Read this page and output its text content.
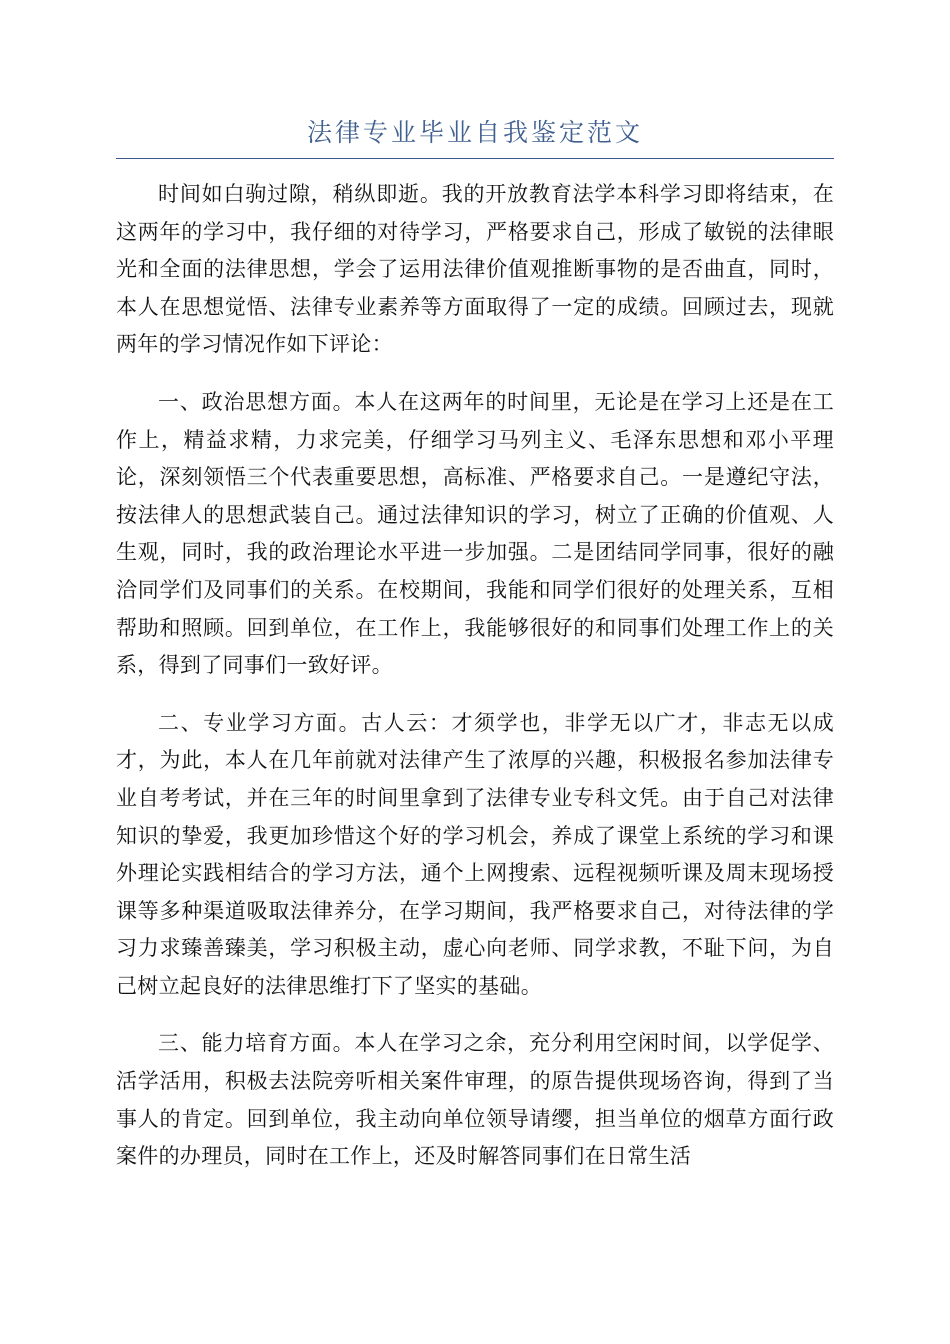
法律专业毕业自我鉴定范文

时间如白驹过隙，稍纵即逝。我的开放教育法学本科学习即将结束，在这两年的学习中，我仔细的对待学习，严格要求自己，形成了敏锐的法律眼光和全面的法律思想，学会了运用法律价值观推断事物的是否曲直，同时，本人在思想觉悟、法律专业素养等方面取得了一定的成绩。回顾过去，现就两年的学习情况作如下评论：

一、政治思想方面。本人在这两年的时间里，无论是在学习上还是在工作上，精益求精，力求完美，仔细学习马列主义、毛泽东思想和邓小平理论，深刻领悟三个代表重要思想，高标准、严格要求自己。一是遵纪守法，按法律人的思想武装自己。通过法律知识的学习，树立了正确的价值观、人生观，同时，我的政治理论水平进一步加强。二是团结同学同事，很好的融洽同学们及同事们的关系。在校期间，我能和同学们很好的处理关系，互相帮助和照顾。回到单位，在工作上，我能够很好的和同事们处理工作上的关系，得到了同事们一致好评。

二、专业学习方面。古人云：才须学也，非学无以广才，非志无以成才，为此，本人在几年前就对法律产生了浓厚的兴趣，积极报名参加法律专业自考考试，并在三年的时间里拿到了法律专业专科文凭。由于自己对法律知识的挚爱，我更加珍惜这个好的学习机会，养成了课堂上系统的学习和课外理论实践相结合的学习方法，通个上网搜索、远程视频听课及周末现场授课等多种渠道吸取法律养分，在学习期间，我严格要求自己，对待法律的学习力求臻善臻美，学习积极主动，虚心向老师、同学求教，不耻下问，为自己树立起良好的法律思维打下了坚实的基础。

三、能力培育方面。本人在学习之余，充分利用空闲时间，以学促学、活学活用，积极去法院旁听相关案件审理，的原告提供现场咨询，得到了当事人的肯定。回到单位，我主动向单位领导请缨，担当单位的烟草方面行政案件的办理员，同时在工作上，还及时解答同事们在日常生活
